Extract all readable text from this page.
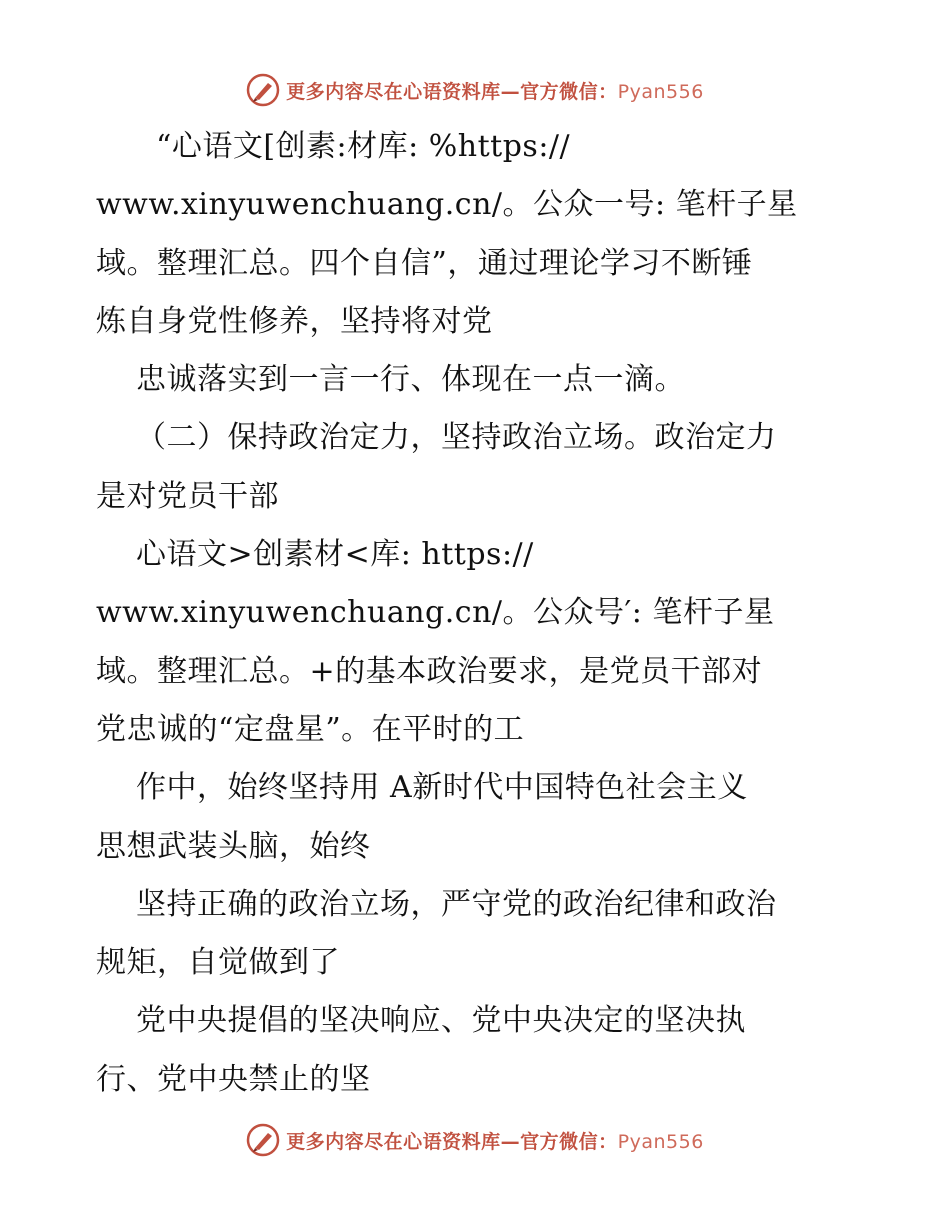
更多内容尽在心语资料库—官方微信：Pyan556
“心语文[创素:材库: %https://
www.xinyuwenchuang.cn/。公众一号: 笔杆子星
域。整理汇总。四个自信”，通过理论学习不断锤
炼自身党性修养，坚持将对党
忠诚落实到一言一行、体现在一点一滴。
（二）保持政治定力，坚持政治立场。政治定力
是对党员干部
心语文>创素材<库: https://
www.xinyuwenchuang.cn/。公众号′: 笔杆子星
域。整理汇总。+的基本政治要求，是党员干部对
党忠诚的“定盘星”。在平时的工
作中，始终坚持用 A新时代中国特色社会主义
思想武装头脑，始终
坚持正确的政治立场，严守党的政治纪律和政治
规矩，自觉做到了
党中央提倡的坚决响应、党中央决定的坚决执
行、党中央禁止的坚
更多内容尽在心语资料库—官方微信：Pyan556
